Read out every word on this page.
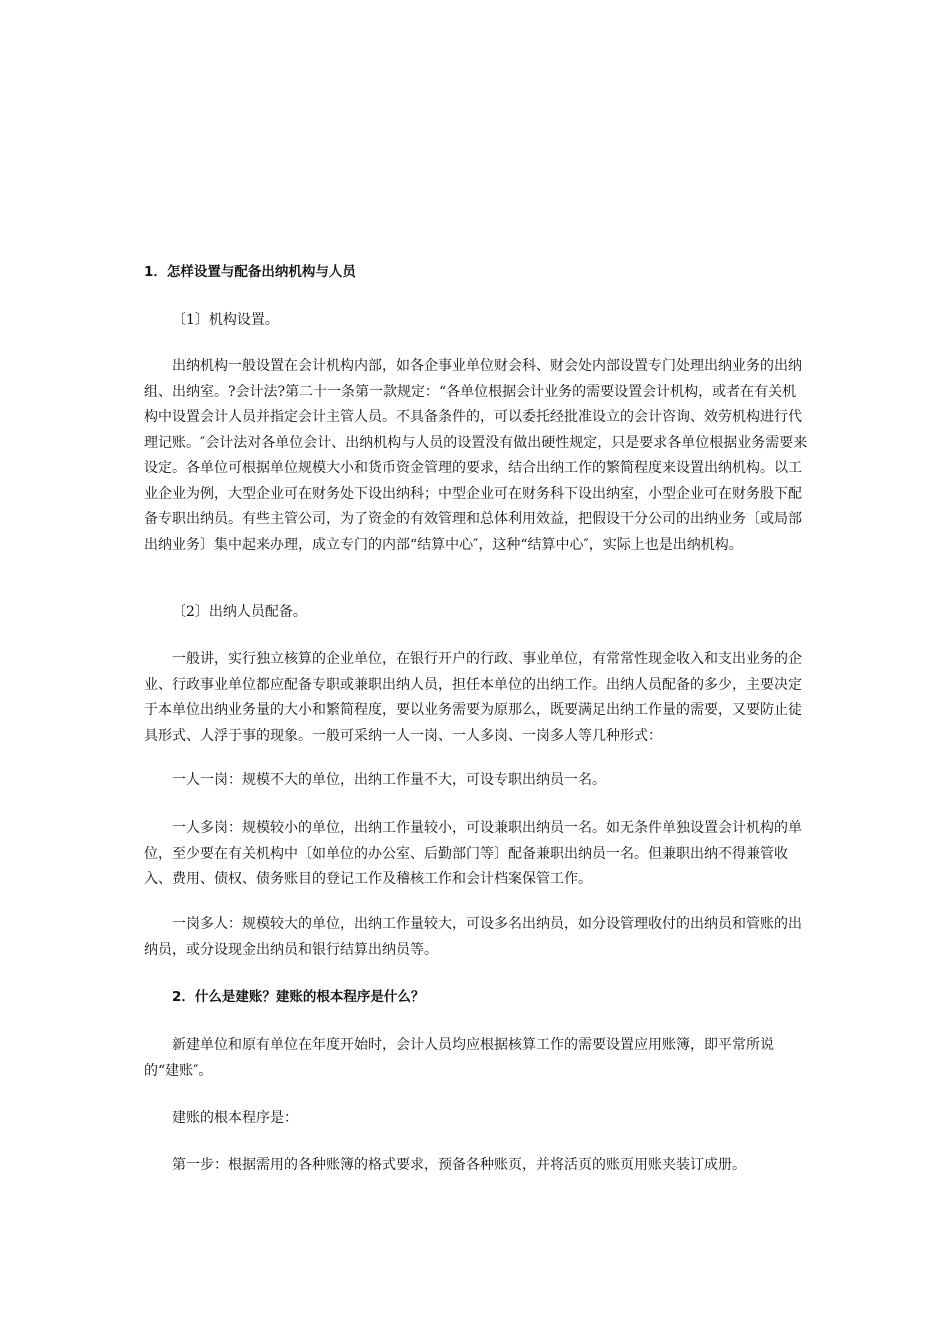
1．怎样设置与配备出纳机构与人员

〔1〕机构设置。

出纳机构一般设置在会计机构内部，如各企事业单位财会科、财会处内部设置专门处理出纳业务的出纳组、出纳室。?会计法?第二十一条第一款规定：“各单位根据会计业务的需要设置会计机构，或者在有关机构中设置会计人员并指定会计主管人员。不具备条件的，可以委托经批准设立的会计咨询、效劳机构进行代理记账。″会计法对各单位会计、出纳机构与人员的设置没有做出硬性规定，只是要求各单位根据业务需要来设定。各单位可根据单位规模大小和货币资金管理的要求，结合出纳工作的繁简程度来设置出纳机构。以工业企业为例，大型企业可在财务处下设出纳科；中型企业可在财务科下设出纳室，小型企业可在财务股下配备专职出纳员。有些主管公司，为了资金的有效管理和总体利用效益，把假设干分公司的出纳业务〔或局部出纳业务〕集中起来办理，成立专门的内部“结算中心″，这种“结算中心″，实际上也是出纳机构。

〔2〕出纳人员配备。

一般讲，实行独立核算的企业单位，在银行开户的行政、事业单位，有常常性现金收入和支出业务的企业、行政事业单位都应配备专职或兼职出纳人员，担任本单位的出纳工作。出纳人员配备的多少，主要决定于本单位出纳业务量的大小和繁简程度，要以业务需要为原那么，既要满足出纳工作量的需要，又要防止徒具形式、人浮于事的现象。一般可采纳一人一岗、一人多岗、一岗多人等几种形式：

一人一岗：规模不大的单位，出纳工作量不大，可设专职出纳员一名。

一人多岗：规模较小的单位，出纳工作量较小，可设兼职出纳员一名。如无条件单独设置会计机构的单位，至少要在有关机构中〔如单位的办公室、后勤部门等〕配备兼职出纳员一名。但兼职出纳不得兼管收入、费用、债权、债务账目的登记工作及稽核工作和会计档案保管工作。

一岗多人：规模较大的单位，出纳工作量较大，可设多名出纳员，如分设管理收付的出纳员和管账的出纳员，或分设现金出纳员和银行结算出纳员等。

2．什么是建账？建账的根本程序是什么？

新建单位和原有单位在年度开始时，会计人员均应根据核算工作的需要设置应用账簿，即平常所说的“建账″。

建账的根本程序是：

第一步：根据需用的各种账簿的格式要求，预备各种账页，并将活页的账页用账夹装订成册。
